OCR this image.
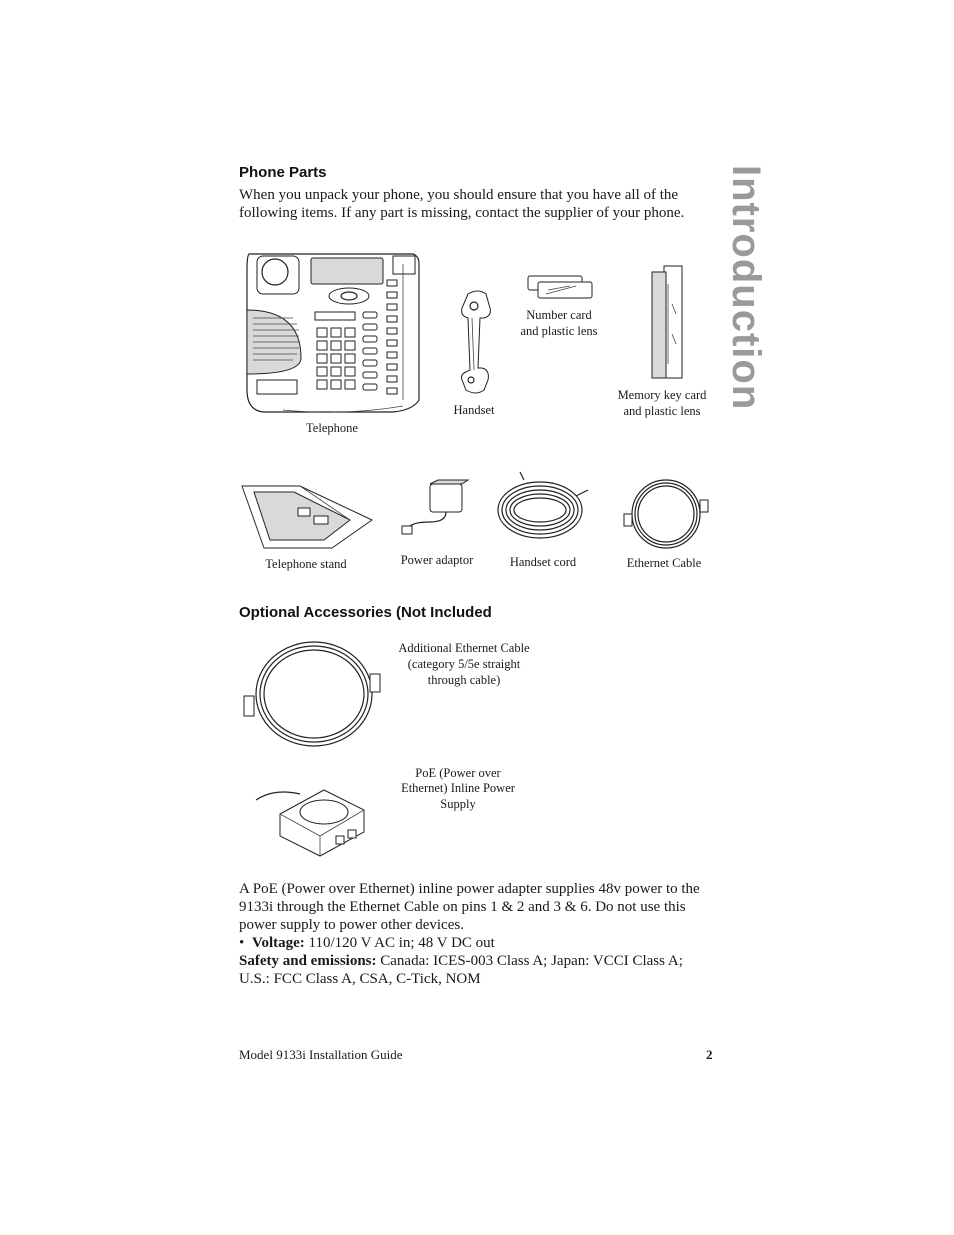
Introduction
Phone Parts
When you unpack your phone, you should ensure that you have all of the
following items. If any part is missing, contact the supplier of your phone.
Telephone
Handset
Number card
and plastic lens
Memory key card
and plastic lens
Telephone stand	Power adaptor	Handset cord	Ethernet Cable
Optional Accessories (Not Included
Additional Ethernet Cable
(category 5/5e straight
through cable)
PoE (Power over
Ethernet) Inline Power
Supply
A PoE (Power over Ethernet) inline power adapter supplies 48v power to the
9133i through the Ethernet Cable on pins 1 & 2 and 3 & 6. Do not use this
power supply to power other devices.
• Voltage: 110/120 V AC in; 48 V DC out
Safety and emissions: Canada: ICES-003 Class A; Japan: VCCI Class A;
U.S.: FCC Class A, CSA, C-Tick, NOM
Model 9133i Installation Guide	2
